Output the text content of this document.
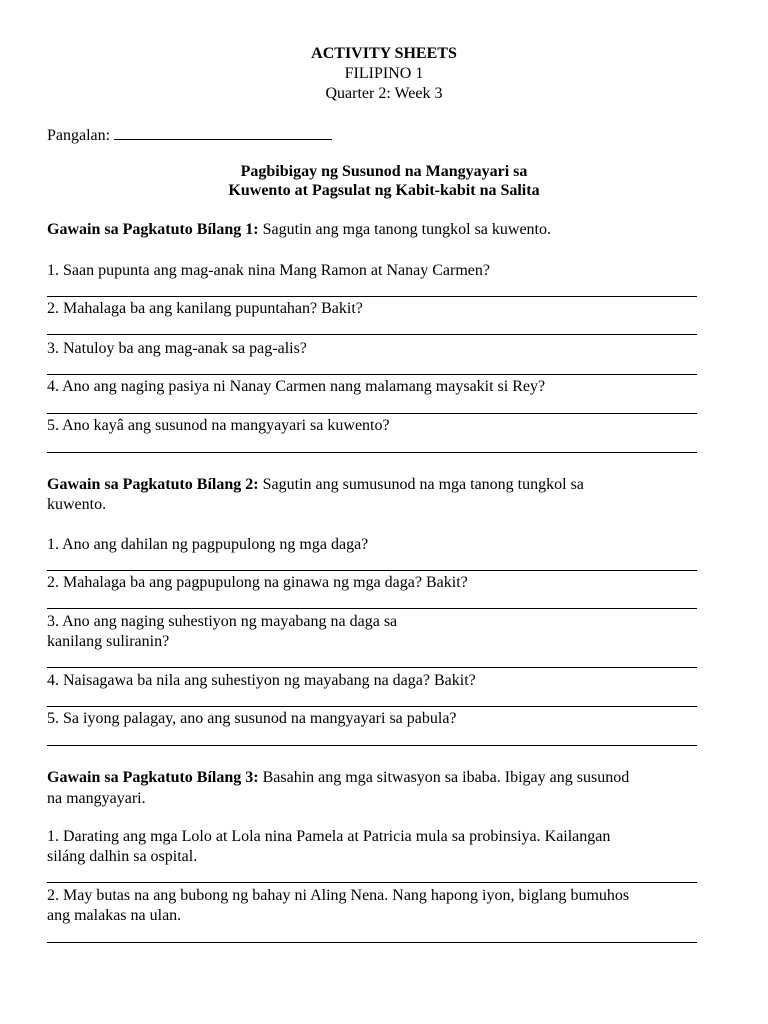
ACTIVITY SHEETS
FILIPINO 1
Quarter 2: Week 3
Pangalan:
Pagbibigay ng Susunod na Mangyayari sa
Kuwento at Pagsulat ng Kabit-kabit na Salita
Gawain sa Pagkatuto Bílang 1: Sagutin ang mga tanong tungkol sa kuwento.
1. Saan pupunta ang mag-anak nina Mang Ramon at Nanay Carmen?
2. Mahalaga ba ang kanilang pupuntahan? Bakit?
3. Natuloy ba ang mag-anak sa pag-alis?
4. Ano ang naging pasiya ni Nanay Carmen nang malamang maysakit si Rey?
5. Ano kayâ ang susunod na mangyayari sa kuwento?
Gawain sa Pagkatuto Bílang 2: Sagutin ang sumusunod na mga tanong tungkol sa
kuwento.
1. Ano ang dahilan ng pagpupulong ng mga daga?
2. Mahalaga ba ang pagpupulong na ginawa ng mga daga? Bakit?
3. Ano ang naging suhestiyon ng mayabang na daga sa
kanilang suliranin?
4. Naisagawa ba nila ang suhestiyon ng mayabang na daga? Bakit?
5. Sa iyong palagay, ano ang susunod na mangyayari sa pabula?
Gawain sa Pagkatuto Bílang 3: Basahin ang mga sitwasyon sa ibaba. Ibigay ang susunod
na mangyayari.
1. Darating ang mga Lolo at Lola nina Pamela at Patricia mula sa probinsiya. Kailangan
siláng dalhin sa ospital.
2. May butas na ang bubong ng bahay ni Aling Nena. Nang hapong iyon, biglang bumuhos
ang malakas na ulan.
